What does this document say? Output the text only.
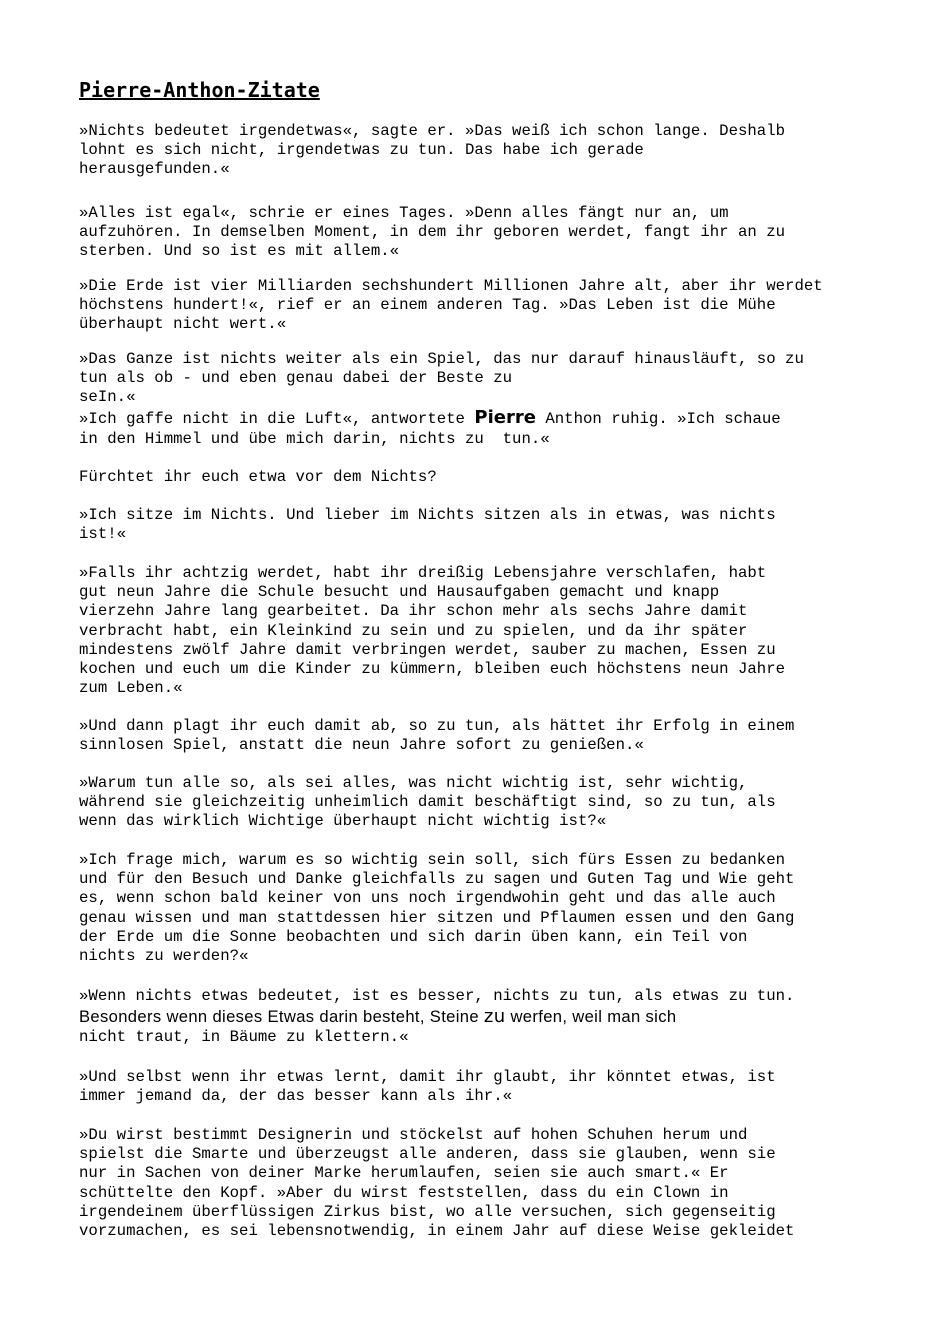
Pierre-Anthon-Zitate

»Nichts bedeutet irgendetwas«, sagte er. »Das weiß ich schon lange. Deshalb
lohnt es sich nicht, irgendetwas zu tun. Das habe ich gerade
herausgefunden.«

»Alles ist egal«, schrie er eines Tages. »Denn alles fängt nur an, um
aufzuhören. In demselben Moment, in dem ihr geboren werdet, fangt ihr an zu
sterben. Und so ist es mit allem.«

»Die Erde ist vier Milliarden sechshundert Millionen Jahre alt, aber ihr werdet
höchstens hundert!«, rief er an einem anderen Tag. »Das Leben ist die Mühe
überhaupt nicht wert.«

»Das Ganze ist nichts weiter als ein Spiel, das nur darauf hinausläuft, so zu
tun als ob - und eben genau dabei der Beste zu
seIn.«

»Ich gaffe nicht in die Luft«, antwortete Pierre Anthon ruhig. »Ich schaue
in den Himmel und übe mich darin, nichts zu  tun.«

Fürchtet ihr euch etwa vor dem Nichts?

»Ich sitze im Nichts. Und lieber im Nichts sitzen als in etwas, was nichts
ist!«

»Falls ihr achtzig werdet, habt ihr dreißig Lebensjahre verschlafen, habt
gut neun Jahre die Schule besucht und Hausaufgaben gemacht und knapp
vierzehn Jahre lang gearbeitet. Da ihr schon mehr als sechs Jahre damit
verbracht habt, ein Kleinkind zu sein und zu spielen, und da ihr später
mindestens zwölf Jahre damit verbringen werdet, sauber zu machen, Essen zu
kochen und euch um die Kinder zu kümmern, bleiben euch höchstens neun Jahre
zum Leben.«

»Und dann plagt ihr euch damit ab, so zu tun, als hättet ihr Erfolg in einem
sinnlosen Spiel, anstatt die neun Jahre sofort zu genießen.«

»Warum tun alle so, als sei alles, was nicht wichtig ist, sehr wichtig,
während sie gleichzeitig unheimlich damit beschäftigt sind, so zu tun, als
wenn das wirklich Wichtige überhaupt nicht wichtig ist?«

»Ich frage mich, warum es so wichtig sein soll, sich fürs Essen zu bedanken
und für den Besuch und Danke gleichfalls zu sagen und Guten Tag und Wie geht
es, wenn schon bald keiner von uns noch irgendwohin geht und das alle auch
genau wissen und man stattdessen hier sitzen und Pflaumen essen und den Gang
der Erde um die Sonne beobachten und sich darin üben kann, ein Teil von
nichts zu werden?«

»Wenn nichts etwas bedeutet, ist es besser, nichts zu tun, als etwas zu tun.
Besonders wenn dieses Etwas darin besteht, Steine zu werfen, weil man sich
nicht traut, in Bäume zu klettern.«

»Und selbst wenn ihr etwas lernt, damit ihr glaubt, ihr könntet etwas, ist
immer jemand da, der das besser kann als ihr.«

»Du wirst bestimmt Designerin und stöckelst auf hohen Schuhen herum und
spielst die Smarte und überzeugst alle anderen, dass sie glauben, wenn sie
nur in Sachen von deiner Marke herumlaufen, seien sie auch smart.« Er
schüttelte den Kopf. »Aber du wirst feststellen, dass du ein Clown in
irgendeinem überflüssigen Zirkus bist, wo alle versuchen, sich gegenseitig
vorzumachen, es sei lebensnotwendig, in einem Jahr auf diese Weise gekleidet
